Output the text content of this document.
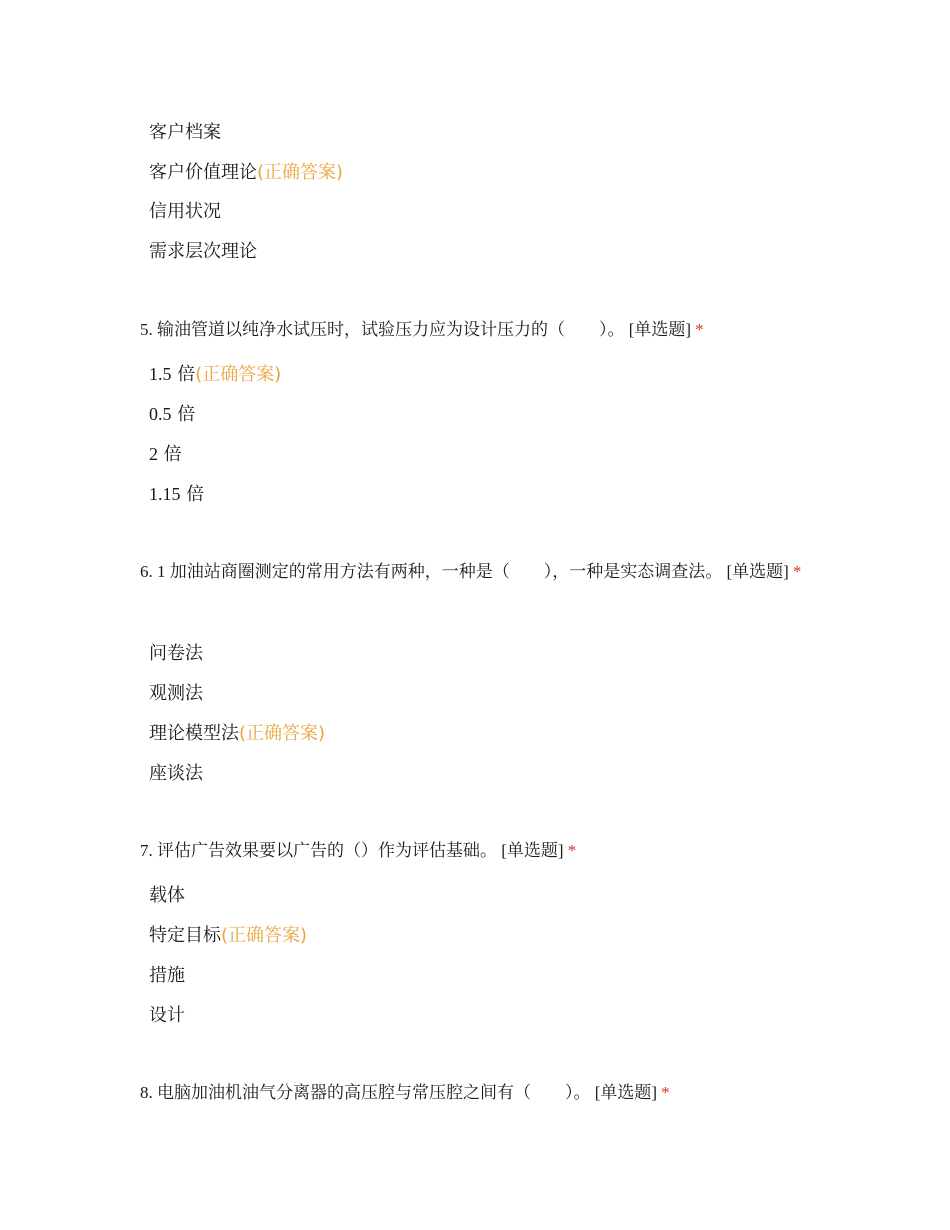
客户档案
客户价值理论(正确答案)
信用状况
需求层次理论
5. 输油管道以纯净水试压时，试验压力应为设计压力的（　　）。 [单选题] *
1.5 倍(正确答案)
0.5 倍
2 倍
1.15 倍
6. 1 加油站商圈测定的常用方法有两种，一种是（　　），一种是实态调查法。 [单选题] *
问卷法
观测法
理论模型法(正确答案)
座谈法
7. 评估广告效果要以广告的（）作为评估基础。 [单选题] *
载体
特定目标(正确答案)
措施
设计
8. 电脑加油机油气分离器的高压腔与常压腔之间有（　　）。 [单选题] *
